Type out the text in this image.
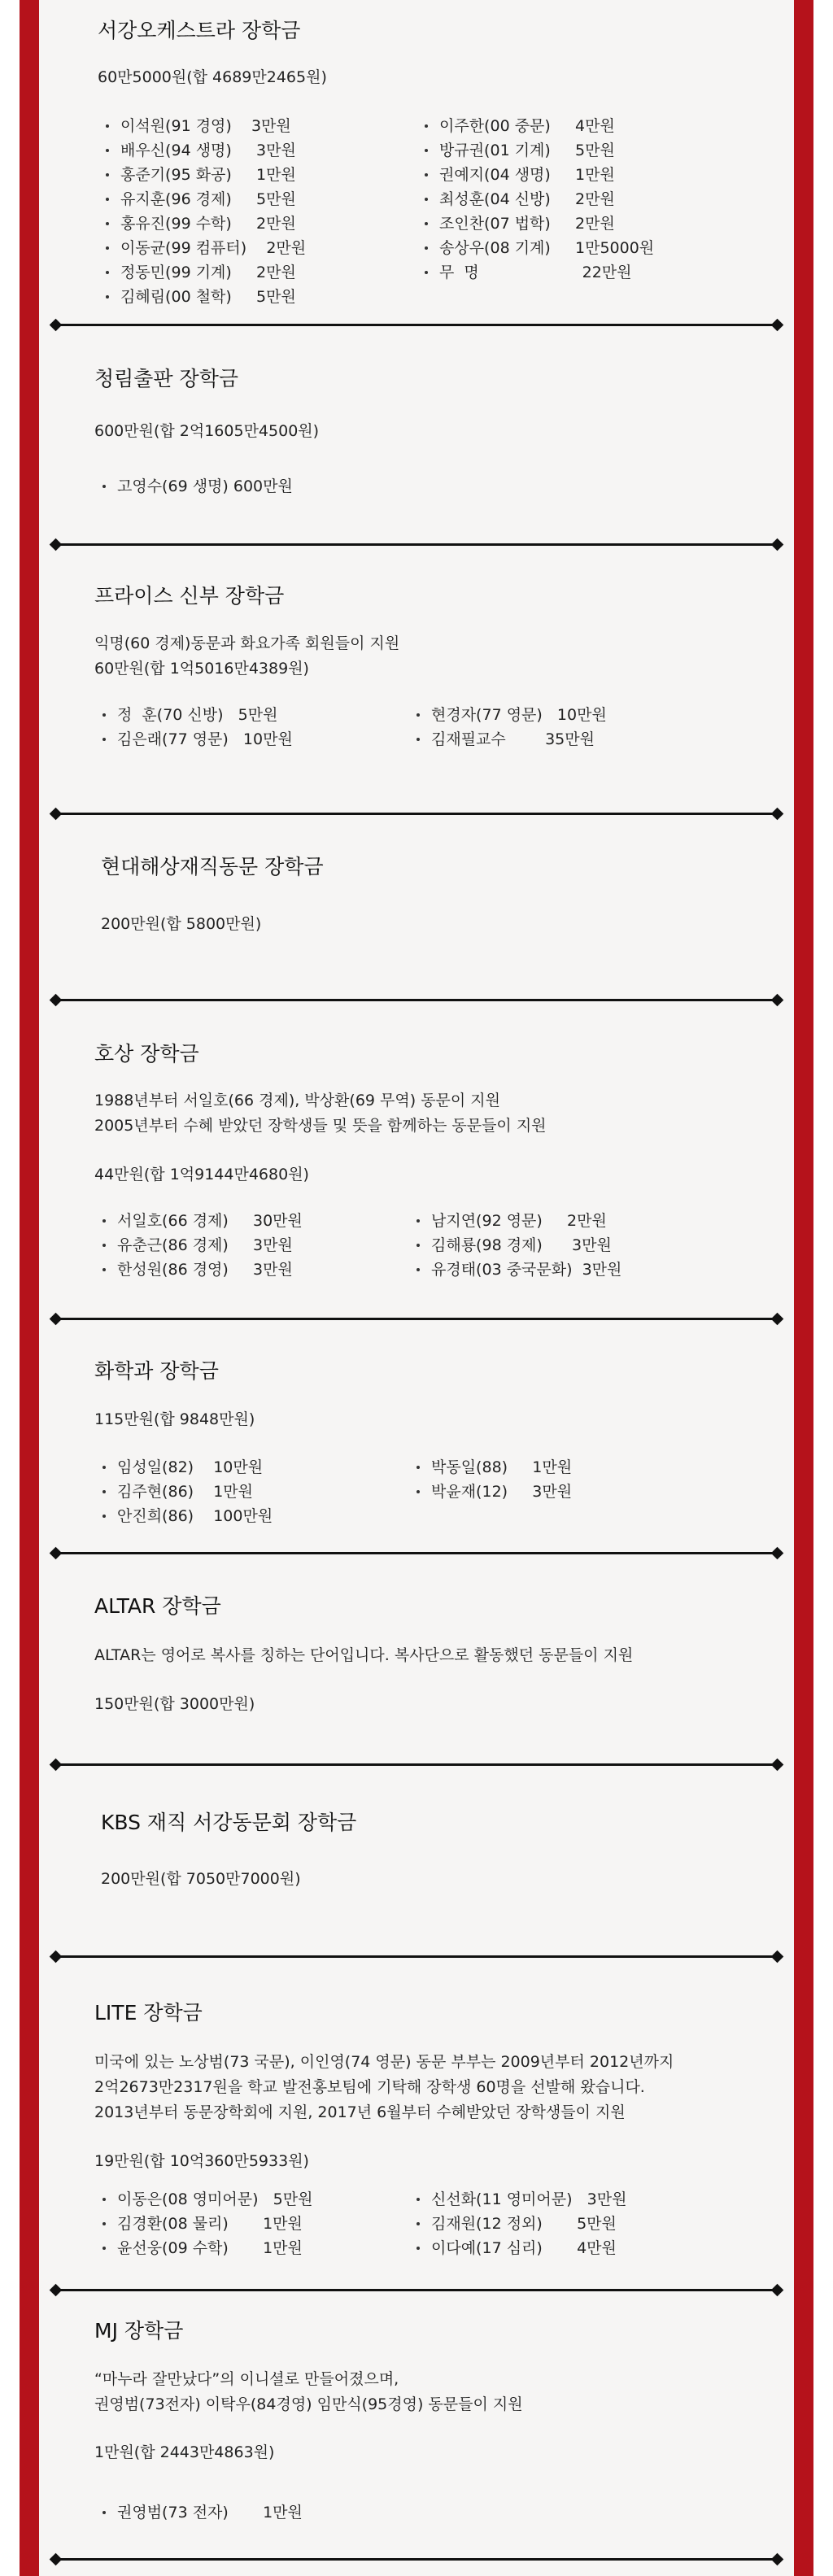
서강오케스트라 장학금

60만5000원(합 4689만2465원)

이석원(91 경영)    3만원
배우신(94 생명)     3만원
홍준기(95 화공)     1만원
유지훈(96 경제)     5만원
홍유진(99 수학)     2만원
이동균(99 컴퓨터)    2만원
정동민(99 기계)     2만원
김혜림(00 철학)     5만원
이주한(00 중문)     4만원
방규권(01 기계)     5만원
권예지(04 생명)     1만원
최성훈(04 신방)     2만원
조인찬(07 법학)     2만원
송상우(08 기계)     1만5000원
무  명                     22만원
청림출판 장학금

600만원(합 2억1605만4500원)

고영수(69 생명) 600만원
프라이스 신부 장학금

익명(60 경제)동문과 화요가족 회원들이 지원

60만원(합 1억5016만4389원)

정  훈(70 신방)   5만원
김은래(77 영문)   10만원
현경자(77 영문)   10만원
김재필교수        35만원
현대해상재직동문 장학금

200만원(합 5800만원)

호상 장학금

1988년부터 서일호(66 경제), 박상환(69 무역) 동문이 지원

2005년부터 수혜 받았던 장학생들 및 뜻을 함께하는 동문들이 지원

44만원(합 1억9144만4680원)

서일호(66 경제)     30만원
유춘근(86 경제)     3만원
한성원(86 경영)     3만원
남지연(92 영문)     2만원
김해룡(98 경제)      3만원
유경태(03 중국문화)  3만원
화학과 장학금

115만원(합 9848만원)

임성일(82)    10만원
김주현(86)    1만원
안진희(86)    100만원
박동일(88)     1만원
박윤재(12)     3만원
ALTAR 장학금

ALTAR는 영어로 복사를 칭하는 단어입니다. 복사단으로 활동했던 동문들이 지원

150만원(합 3000만원)

KBS 재직 서강동문회 장학금

200만원(합 7050만7000원)

LITE 장학금

미국에 있는 노상범(73 국문), 이인영(74 영문) 동문 부부는 2009년부터 2012년까지

2억2673만2317원을 학교 발전홍보팀에 기탁해 장학생 60명을 선발해 왔습니다.

2013년부터 동문장학회에 지원, 2017년 6월부터 수혜받았던 장학생들이 지원

19만원(합 10억360만5933원)

이동은(08 영미어문)   5만원
김경환(08 물리)       1만원
윤선웅(09 수학)       1만원
신선화(11 영미어문)   3만원
김재원(12 정외)       5만원
이다예(17 심리)       4만원
MJ 장학금

“마누라 잘만났다”의 이니셜로 만들어졌으며,

권영범(73전자) 이탁우(84경영) 임만식(95경영) 동문들이 지원

1만원(합 2443만4863원)

권영범(73 전자)       1만원
